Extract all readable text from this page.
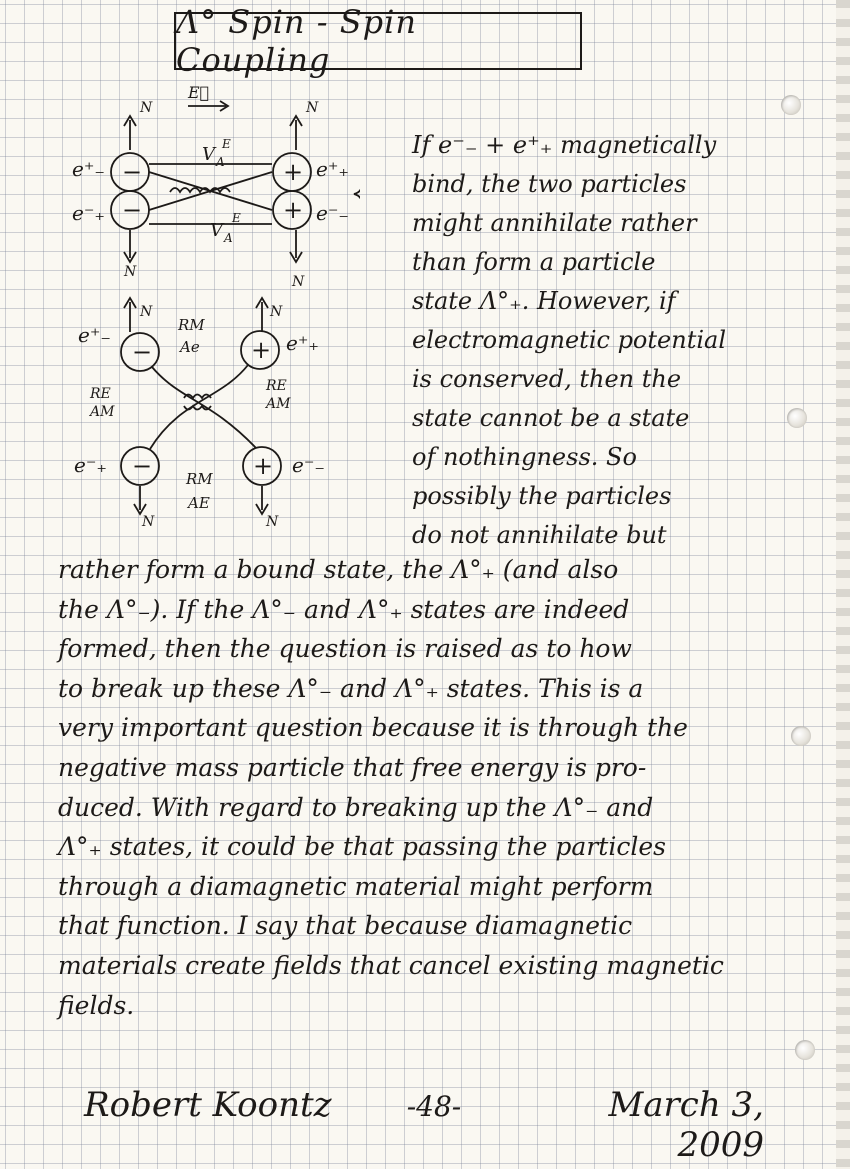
Λ° Spin - Spin Coupling
E⃗
N	N
−
−
+
+
e⁺₋
e⁻₊
e⁺₊
e⁻₋
V A
E
V A
E
N
N
N	N
e⁺₋	e⁺₊
e⁻₊	e⁻₋
−	+
−	+
RM
Ae
RE
AM
RE
AM
RM
AE
N	N
If e⁻₋ + e⁺₊ magnetically
bind, the two particles
might annihilate rather
than form a particle
state Λ°₊. However, if
electromagnetic potential
is conserved, then the
state cannot be a state
of nothingness. So
possibly the particles
do not annihilate but
rather form a bound state, the Λ°₊ (and also
the Λ°₋). If the Λ°₋ and Λ°₊ states are indeed
formed, then the question is raised as to how
to break up these Λ°₋ and Λ°₊ states. This is a
very important question because it is through the
negative mass particle that free energy is pro-
duced. With regard to breaking up the Λ°₋ and
Λ°₊ states, it could be that passing the particles
through a diamagnetic material might perform
that function. I say that because diamagnetic
materials create fields that cancel existing magnetic
fields.
Robert Koontz	-48-	March 3, 2009
